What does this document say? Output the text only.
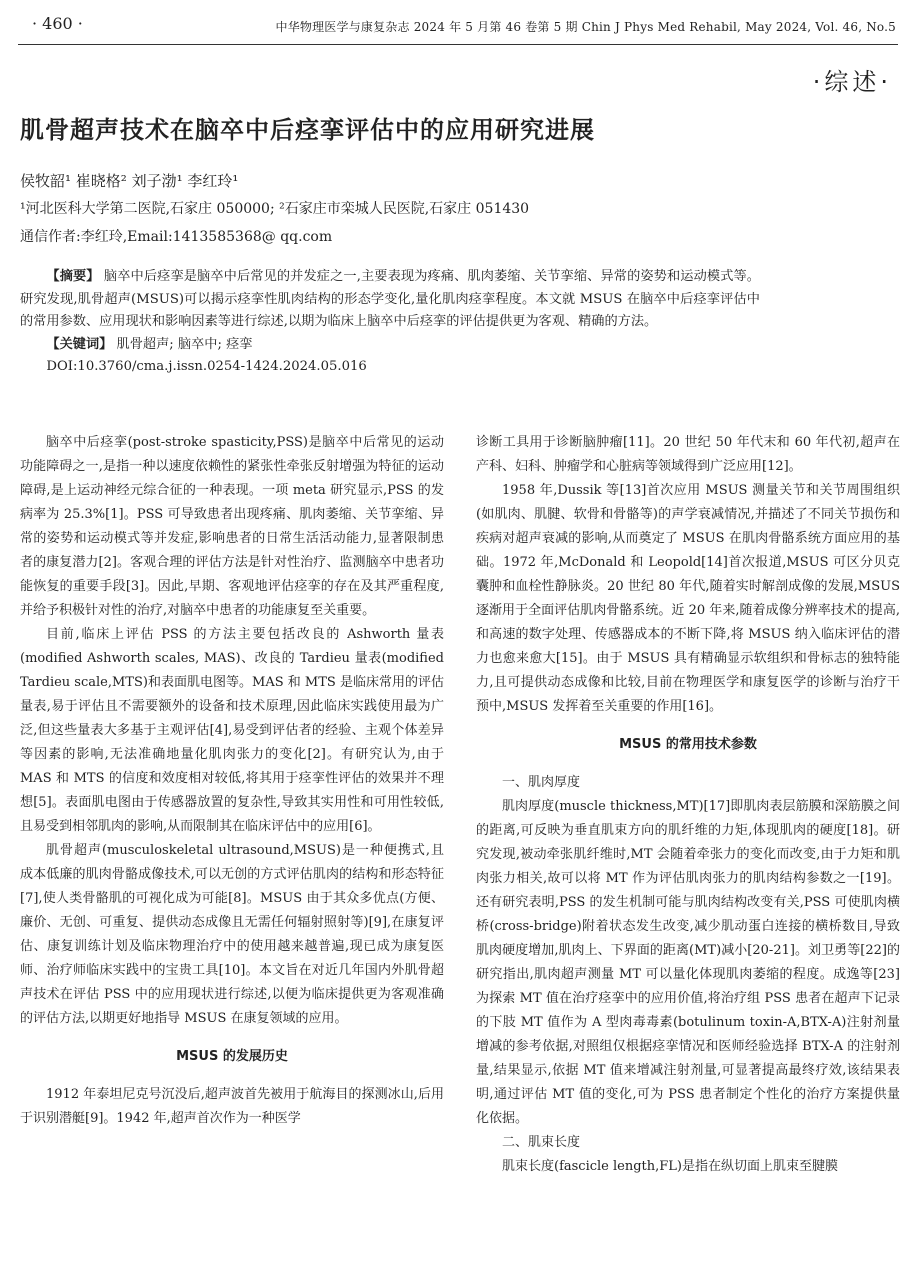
· 460 ·	中华物理医学与康复杂志 2024 年 5 月第 46 卷第 5 期 Chin J Phys Med Rehabil, May 2024, Vol. 46, No.5
·综述·
肌骨超声技术在脑卒中后痉挛评估中的应用研究进展
侯牧韶¹ 崔晓格² 刘子渤¹ 李红玲¹
¹河北医科大学第二医院,石家庄 050000; ²石家庄市栾城人民医院,石家庄 051430
通信作者:李红玲,Email:1413585368@ qq.com
【摘要】 脑卒中后痉挛是脑卒中后常见的并发症之一,主要表现为疼痛、肌肉萎缩、关节挛缩、异常的姿势和运动模式等。研究发现,肌骨超声(MSUS)可以揭示痉挛性肌肉结构的形态学变化,量化肌肉痉挛程度。本文就 MSUS 在脑卒中后痉挛评估中的常用参数、应用现状和影响因素等进行综述,以期为临床上脑卒中后痉挛的评估提供更为客观、精确的方法。
【关键词】 肌骨超声; 脑卒中; 痉挛
DOI:10.3760/cma.j.issn.0254-1424.2024.05.016

脑卒中后痉挛(post-stroke spasticity,PSS)是脑卒中后常见的运动功能障碍之一,是指一种以速度依赖性的紧张性牵张反射增强为特征的运动障碍,是上运动神经元综合征的一种表现。一项 meta 研究显示,PSS 的发病率为 25.3%[1]。PSS 可导致患者出现疼痛、肌肉萎缩、关节挛缩、异常的姿势和运动模式等并发症,影响患者的日常生活活动能力,显著限制患者的康复潜力[2]。客观合理的评估方法是针对性治疗、监测脑卒中患者功能恢复的重要手段[3]。因此,早期、客观地评估痉挛的存在及其严重程度,并给予积极针对性的治疗,对脑卒中患者的功能康复至关重要。

目前,临床上评估 PSS 的方法主要包括改良的 Ashworth 量表(modified Ashworth scales, MAS)、改良的 Tardieu 量表(modified Tardieu scale,MTS)和表面肌电图等。MAS 和 MTS 是临床常用的评估量表,易于评估且不需要额外的设备和技术原理,因此临床实践使用最为广泛,但这些量表大多基于主观评估[4],易受到评估者的经验、主观个体差异等因素的影响,无法准确地量化肌肉张力的变化[2]。有研究认为,由于 MAS 和 MTS 的信度和效度相对较低,将其用于痉挛性评估的效果并不理想[5]。表面肌电图由于传感器放置的复杂性,导致其实用性和可用性较低,且易受到相邻肌肉的影响,从而限制其在临床评估中的应用[6]。

肌骨超声(musculoskeletal ultrasound,MSUS)是一种便携式,且成本低廉的肌肉骨骼成像技术,可以无创的方式评估肌肉的结构和形态特征[7],使人类骨骼肌的可视化成为可能[8]。MSUS 由于其众多优点(方便、廉价、无创、可重复、提供动态成像且无需任何辐射照射等)[9],在康复评估、康复训练计划及临床物理治疗中的使用越来越普遍,现已成为康复医师、治疗师临床实践中的宝贵工具[10]。本文旨在对近几年国内外肌骨超声技术在评估 PSS 中的应用现状进行综述,以便为临床提供更为客观准确的评估方法,以期更好地指导 MSUS 在康复领域的应用。

MSUS 的发展历史

1912 年泰坦尼克号沉没后,超声波首先被用于航海目的探测冰山,后用于识别潜艇[9]。1942 年,超声首次作为一种医学

诊断工具用于诊断脑肿瘤[11]。20 世纪 50 年代末和 60 年代初,超声在产科、妇科、肿瘤学和心脏病等领域得到广泛应用[12]。

1958 年,Dussik 等[13]首次应用 MSUS 测量关节和关节周围组织(如肌肉、肌腱、软骨和骨骼等)的声学衰减情况,并描述了不同关节损伤和疾病对超声衰减的影响,从而奠定了 MSUS 在肌肉骨骼系统方面应用的基础。1972 年,McDonald 和 Leopold[14]首次报道,MSUS 可区分贝克囊肿和血栓性静脉炎。20 世纪 80 年代,随着实时解剖成像的发展,MSUS 逐渐用于全面评估肌肉骨骼系统。近 20 年来,随着成像分辨率技术的提高,和高速的数字处理、传感器成本的不断下降,将 MSUS 纳入临床评估的潜力也愈来愈大[15]。由于 MSUS 具有精确显示软组织和骨标志的独特能力,且可提供动态成像和比较,目前在物理医学和康复医学的诊断与治疗干预中,MSUS 发挥着至关重要的作用[16]。

MSUS 的常用技术参数

一、肌肉厚度

肌肉厚度(muscle thickness,MT)[17]即肌肉表层筋膜和深筋膜之间的距离,可反映为垂直肌束方向的肌纤维的力矩,体现肌肉的硬度[18]。研究发现,被动牵张肌纤维时,MT 会随着牵张力的变化而改变,由于力矩和肌肉张力相关,故可以将 MT 作为评估肌肉张力的肌肉结构参数之一[19]。还有研究表明,PSS 的发生机制可能与肌肉结构改变有关,PSS 可使肌肉横桥(cross-bridge)附着状态发生改变,减少肌动蛋白连接的横桥数目,导致肌肉硬度增加,肌肉上、下界面的距离(MT)减小[20-21]。刘卫勇等[22]的研究指出,肌肉超声测量 MT 可以量化体现肌肉萎缩的程度。成逸等[23]为探索 MT 值在治疗痉挛中的应用价值,将治疗组 PSS 患者在超声下记录的下肢 MT 值作为 A 型肉毒毒素(botulinum toxin-A,BTX-A)注射剂量增减的参考依据,对照组仅根据痉挛情况和医师经验选择 BTX-A 的注射剂量,结果显示,依据 MT 值来增减注射剂量,可显著提高最终疗效,该结果表明,通过评估 MT 值的变化,可为 PSS 患者制定个性化的治疗方案提供量化依据。

二、肌束长度

肌束长度(fascicle length,FL)是指在纵切面上肌束至腱膜
